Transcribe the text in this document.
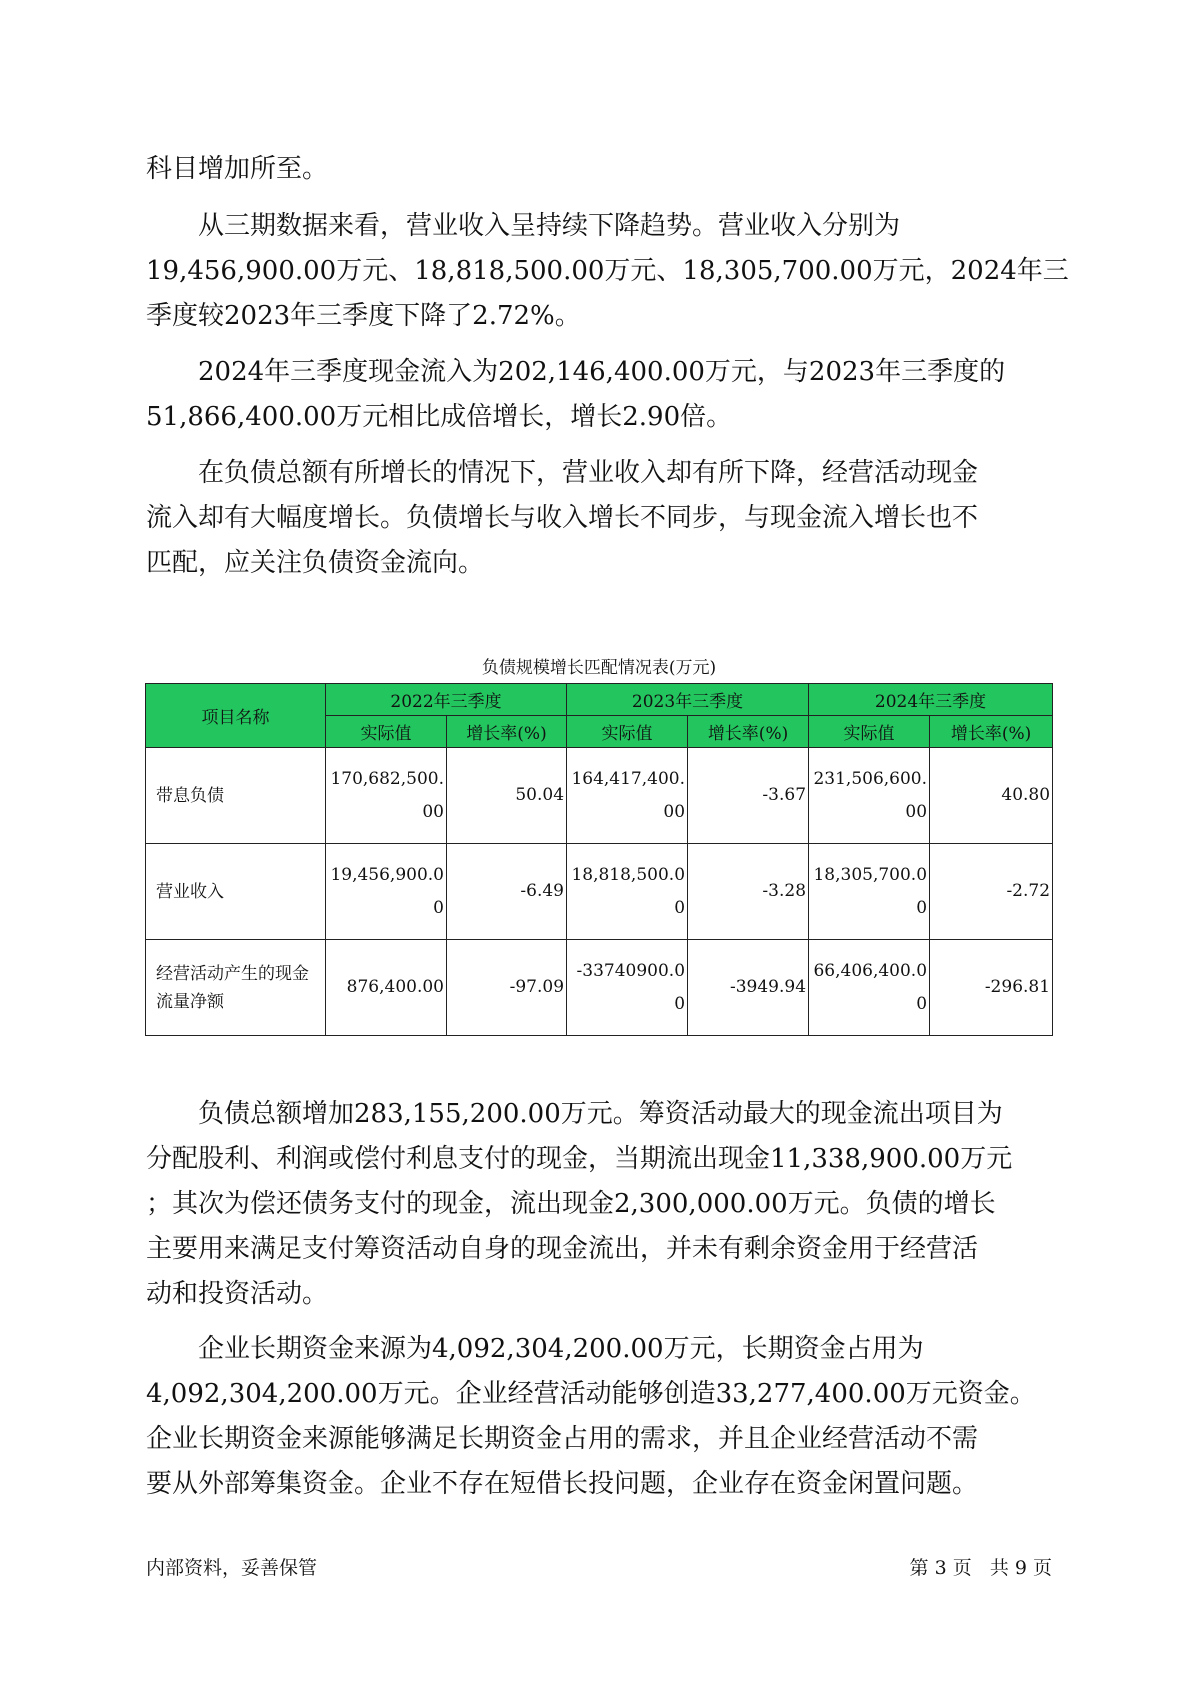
科目增加所至。

从三期数据来看，营业收入呈持续下降趋势。营业收入分别为
19,456,900.00万元、18,818,500.00万元、18,305,700.00万元，2024年三
季度较2023年三季度下降了2.72%。

2024年三季度现金流入为202,146,400.00万元，与2023年三季度的
51,866,400.00万元相比成倍增长，增长2.90倍。

在负债总额有所增长的情况下，营业收入却有所下降，经营活动现金
流入却有大幅度增长。负债增长与收入增长不同步，与现金流入增长也不
匹配，应关注负债资金流向。

负债规模增长匹配情况表(万元)
项目名称	2022年三季度		2023年三季度		2024年三季度	
	实际值	增长率(%)	实际值	增长率(%)	实际值	增长率(%)
带息负债	170,682,500.00	50.04	164,417,400.00	-3.67	231,506,600.00	40.80
营业收入	19,456,900.00	-6.49	18,818,500.00	-3.28	18,305,700.00	-2.72
经营活动产生的现金流量净额	876,400.00	-97.09	-33740900.00	-3949.94	66,406,400.00	-296.81

负债总额增加283,155,200.00万元。筹资活动最大的现金流出项目为
分配股利、利润或偿付利息支付的现金，当期流出现金11,338,900.00万元
；其次为偿还债务支付的现金，流出现金2,300,000.00万元。负债的增长
主要用来满足支付筹资活动自身的现金流出，并未有剩余资金用于经营活
动和投资活动。

企业长期资金来源为4,092,304,200.00万元，长期资金占用为
4,092,304,200.00万元。企业经营活动能够创造33,277,400.00万元资金。
企业长期资金来源能够满足长期资金占用的需求，并且企业经营活动不需
要从外部筹集资金。企业不存在短借长投问题，企业存在资金闲置问题。

内部资料，妥善保管	第 3 页   共 9 页
